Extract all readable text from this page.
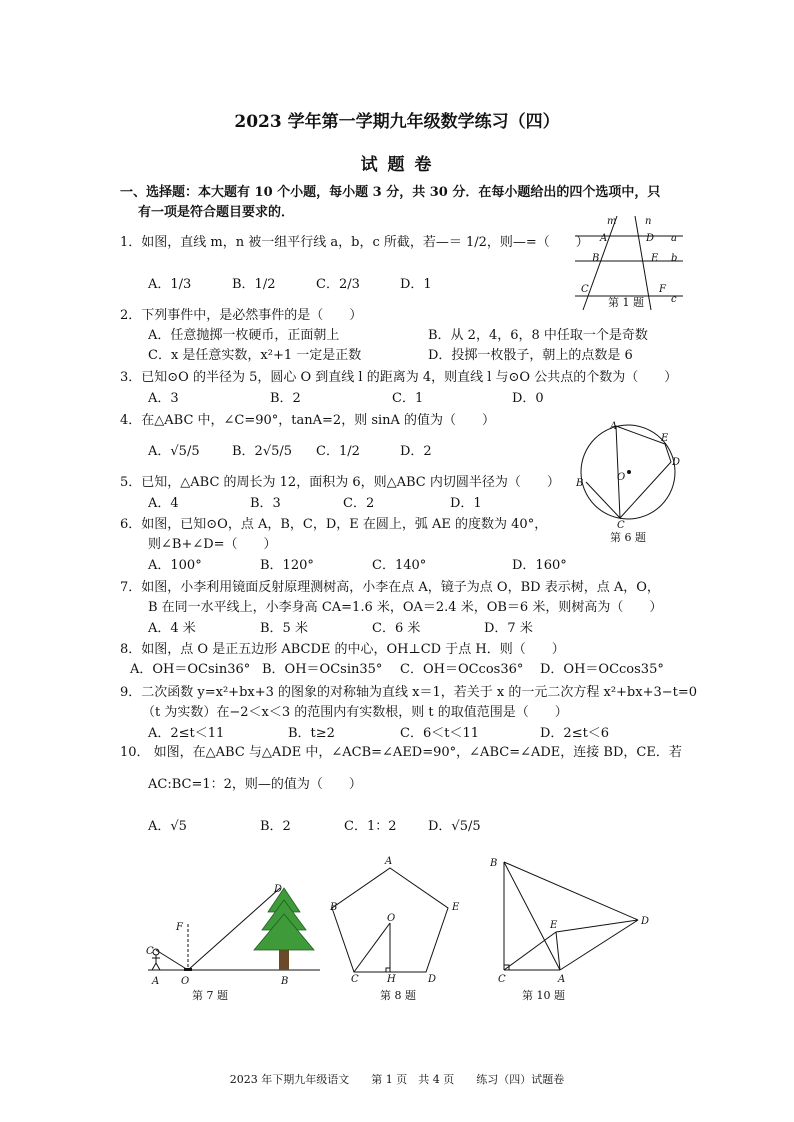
2023 学年第一学期九年级数学练习（四）
试 题 卷
一、选择题：本大题有 10 个小题，每小题 3 分，共 30 分．在每小题给出的四个选项中，只
有一项是符合题目要求的．
1．如图，直线 m，n 被一组平行线 a，b，c 所截，若—＝ 1/2，则—=（　　）
A．1/3	B．1/2	C．2/3	D．1
2．下列事件中，是必然事件的是（　　）
A．任意抛掷一枚硬币，正面朝上	B．从 2，4，6，8 中任取一个是奇数
C．x 是任意实数，x²+1 一定是正数	D．投掷一枚骰子，朝上的点数是 6
3．已知⊙O 的半径为 5，圆心 O 到直线 l 的距离为 4，则直线 l 与⊙O 公共点的个数为（　　）
A．3	B．2	C．1	D．0
4．在△ABC 中，∠C=90°，tanA=2，则 sinA 的值为（　　）
A．√5/5 B．2√5/5 C．1/2	D．2
5．已知，△ABC 的周长为 12，面积为 6，则△ABC 内切圆半径为（　　）
A．4	B．3	C．2	D．1
6．如图，已知⊙O，点 A，B，C，D，E 在圆上，弧 AE 的度数为 40°，
则∠B+∠D=（　　）
A．100°	B．120°	C．140°	D．160°
7．如图，小李利用镜面反射原理测树高，小李在点 A，镜子为点 O，BD 表示树，点 A，O，
B 在同一水平线上，小李身高 CA=1.6 米，OA＝2.4 米，OB＝6 米，则树高为（　　）
A．4 米	B．5 米	C．6 米	D．7 米
8．如图，点 O 是正五边形 ABCDE 的中心，OH⊥CD 于点 H．则（　　）
A．OH＝OCsin36° B．OH＝OCsin35° C．OH＝OCcos36° D．OH＝OCcos35°
9．二次函数 y=x²+bx+3 的图象的对称轴为直线 x＝1，若关于 x 的一元二次方程 x²+bx+3−t=0
（t 为实数）在−2＜x＜3 的范围内有实数根，则 t 的取值范围是（　　）
A．2≤t＜11	B．t≥2	C．6＜t＜11	D．2≤t＜6
10． 如图，在△ABC 与△ADE 中，∠ACB=∠AED=90°，∠ABC=∠ADE，连接 BD，CE．若
AC:BC=1：2，则—的值为（　　）
A．√5	B．2	C．1：2 D．√5/5
m	n
A	D a
B	E b
C	F
c
第 1 题
A
E
D
B
O
C
第 6 题
D
F
C
A O	B
第 7 题
A
B	E
O
C	H	D
第 8 题
B
E	D
C	A
第 10 题
2023 年下期九年级语文　　第 1 页　共 4 页　　练习（四）试题卷
